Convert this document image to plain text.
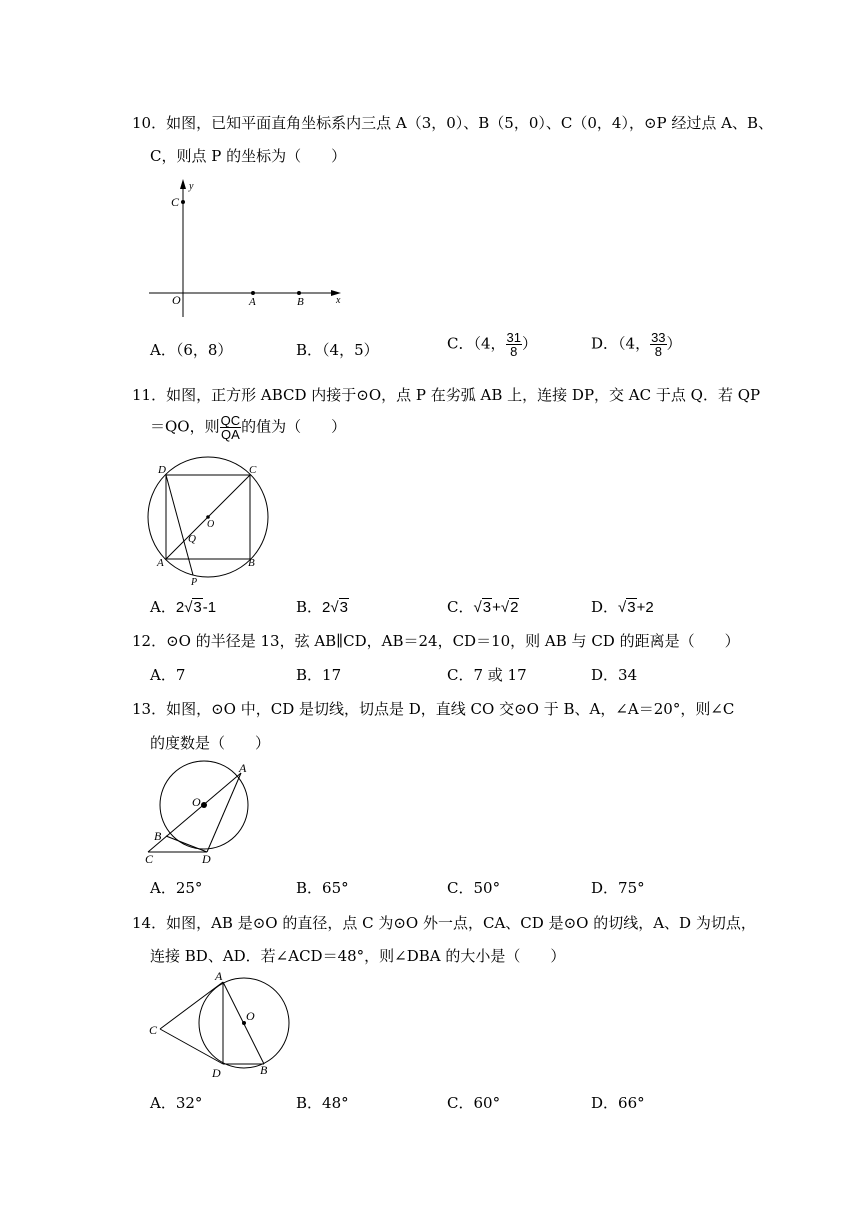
10．如图，已知平面直角坐标系内三点 A（3，0）、B（5，0）、C（0，4），⊙P 经过点 A、B、
C，则点 P 的坐标为（　　）
y
C
O	A	B	x
A．（6，8）	B．（4，5）	C．（4， $\frac{31}{8}$ ）	D．（4， $\frac{33}{8}$ ）
11．如图，正方形 ABCD 内接于⊙O，点 P 在劣弧 AB 上，连接 DP，交 AC 于点 Q．若 QP
＝QO，则 $\frac{QC}{QA}$ 的值为（　　）
D	C
O
Q
A	B
P
A．2√3-1	B．2√3	C．√3+√2	D．√3+2
12．⊙O 的半径是 13，弦 AB∥CD，AB＝24，CD＝10，则 AB 与 CD 的距离是（　　）
A．7	B．17	C．7 或 17	D．34
13．如图，⊙O 中，CD 是切线，切点是 D，直线 CO 交⊙O 于 B、A，∠A＝20°，则∠C
的度数是（　　）
A
O
B
C	D
A．25°	B．65°	C．50°	D．75°
14．如图，AB 是⊙O 的直径，点 C 为⊙O 外一点，CA、CD 是⊙O 的切线，A、D 为切点，
连接 BD、AD．若∠ACD＝48°，则∠DBA 的大小是（　　）
A
O
C
D	B
A．32°	B．48°	C．60°	D．66°
